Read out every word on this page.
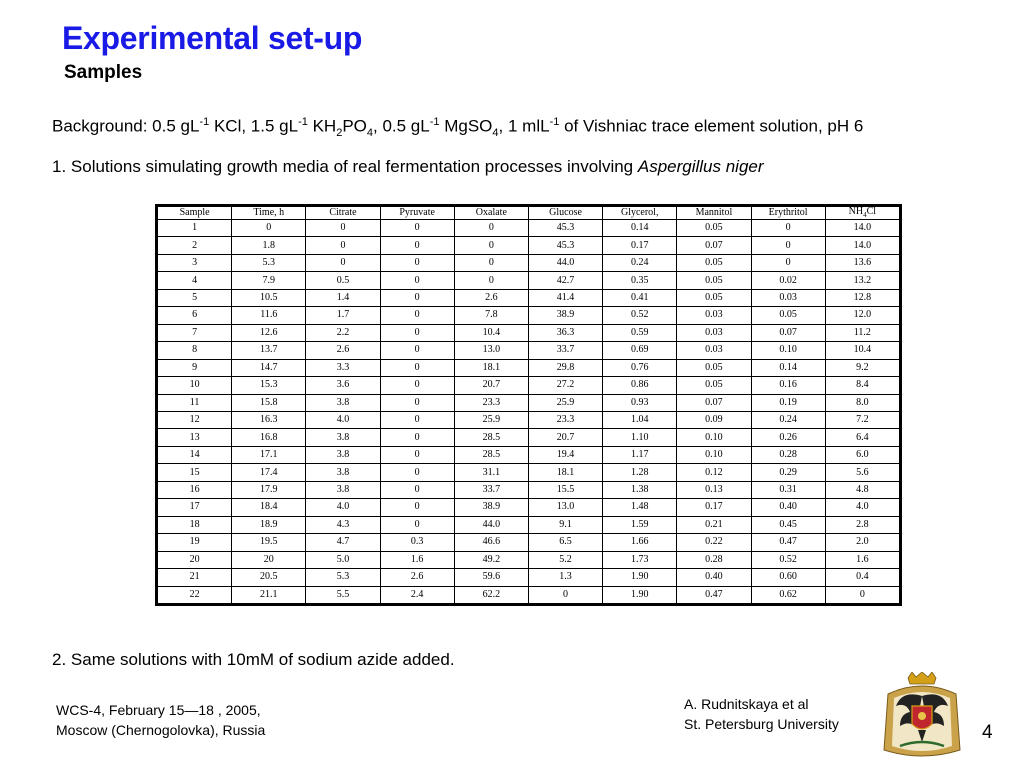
Experimental set-up
Samples
Background: 0.5 $gL^{-1}$ KCl, 1.5 $gL^{-1}$ $KH_2PO_4$, 0.5 $gL^{-1}$ MgSO$_4$, 1 mlL$^{-1}$ of Vishniac trace element solution, pH 6
1. Solutions simulating growth media of real fermentation processes involving Aspergillus niger
Sample	Time, h	Citrate	Pyruvate	Oxalate	Glucose	Glycerol,	Mannitol	Erythritol	$NH_4Cl$
1	0	0	0	0	45.3	0.14	0.05	0	14.0
2	1.8	0	0	0	45.3	0.17	0.07	0	14.0
3	5.3	0	0	0	44.0	0.24	0.05	0	13.6
4	7.9	0.5	0	0	42.7	0.35	0.05	0.02	13.2
5	10.5	1.4	0	2.6	41.4	0.41	0.05	0.03	12.8
6	11.6	1.7	0	7.8	38.9	0.52	0.03	0.05	12.0
7	12.6	2.2	0	10.4	36.3	0.59	0.03	0.07	11.2
8	13.7	2.6	0	13.0	33.7	0.69	0.03	0.10	10.4
9	14.7	3.3	0	18.1	29.8	0.76	0.05	0.14	9.2
10	15.3	3.6	0	20.7	27.2	0.86	0.05	0.16	8.4
11	15.8	3.8	0	23.3	25.9	0.93	0.07	0.19	8.0
12	16.3	4.0	0	25.9	23.3	1.04	0.09	0.24	7.2
13	16.8	3.8	0	28.5	20.7	1.10	0.10	0.26	6.4
14	17.1	3.8	0	28.5	19.4	1.17	0.10	0.28	6.0
15	17.4	3.8	0	31.1	18.1	1.28	0.12	0.29	5.6
16	17.9	3.8	0	33.7	15.5	1.38	0.13	0.31	4.8
17	18.4	4.0	0	38.9	13.0	1.48	0.17	0.40	4.0
18	18.9	4.3	0	44.0	9.1	1.59	0.21	0.45	2.8
19	19.5	4.7	0.3	46.6	6.5	1.66	0.22	0.47	2.0
20	20	5.0	1.6	49.2	5.2	1.73	0.28	0.52	1.6
21	20.5	5.3	2.6	59.6	1.3	1.90	0.40	0.60	0.4
22	21.1	5.5	2.4	62.2	0	1.90	0.47	0.62	0
2. Same solutions with 10mM of sodium azide added.
WCS-4, February 15—18 , 2005,
Moscow (Chernogolovka), Russia
A. Rudnitskaya et al
St. Petersburg University	4
